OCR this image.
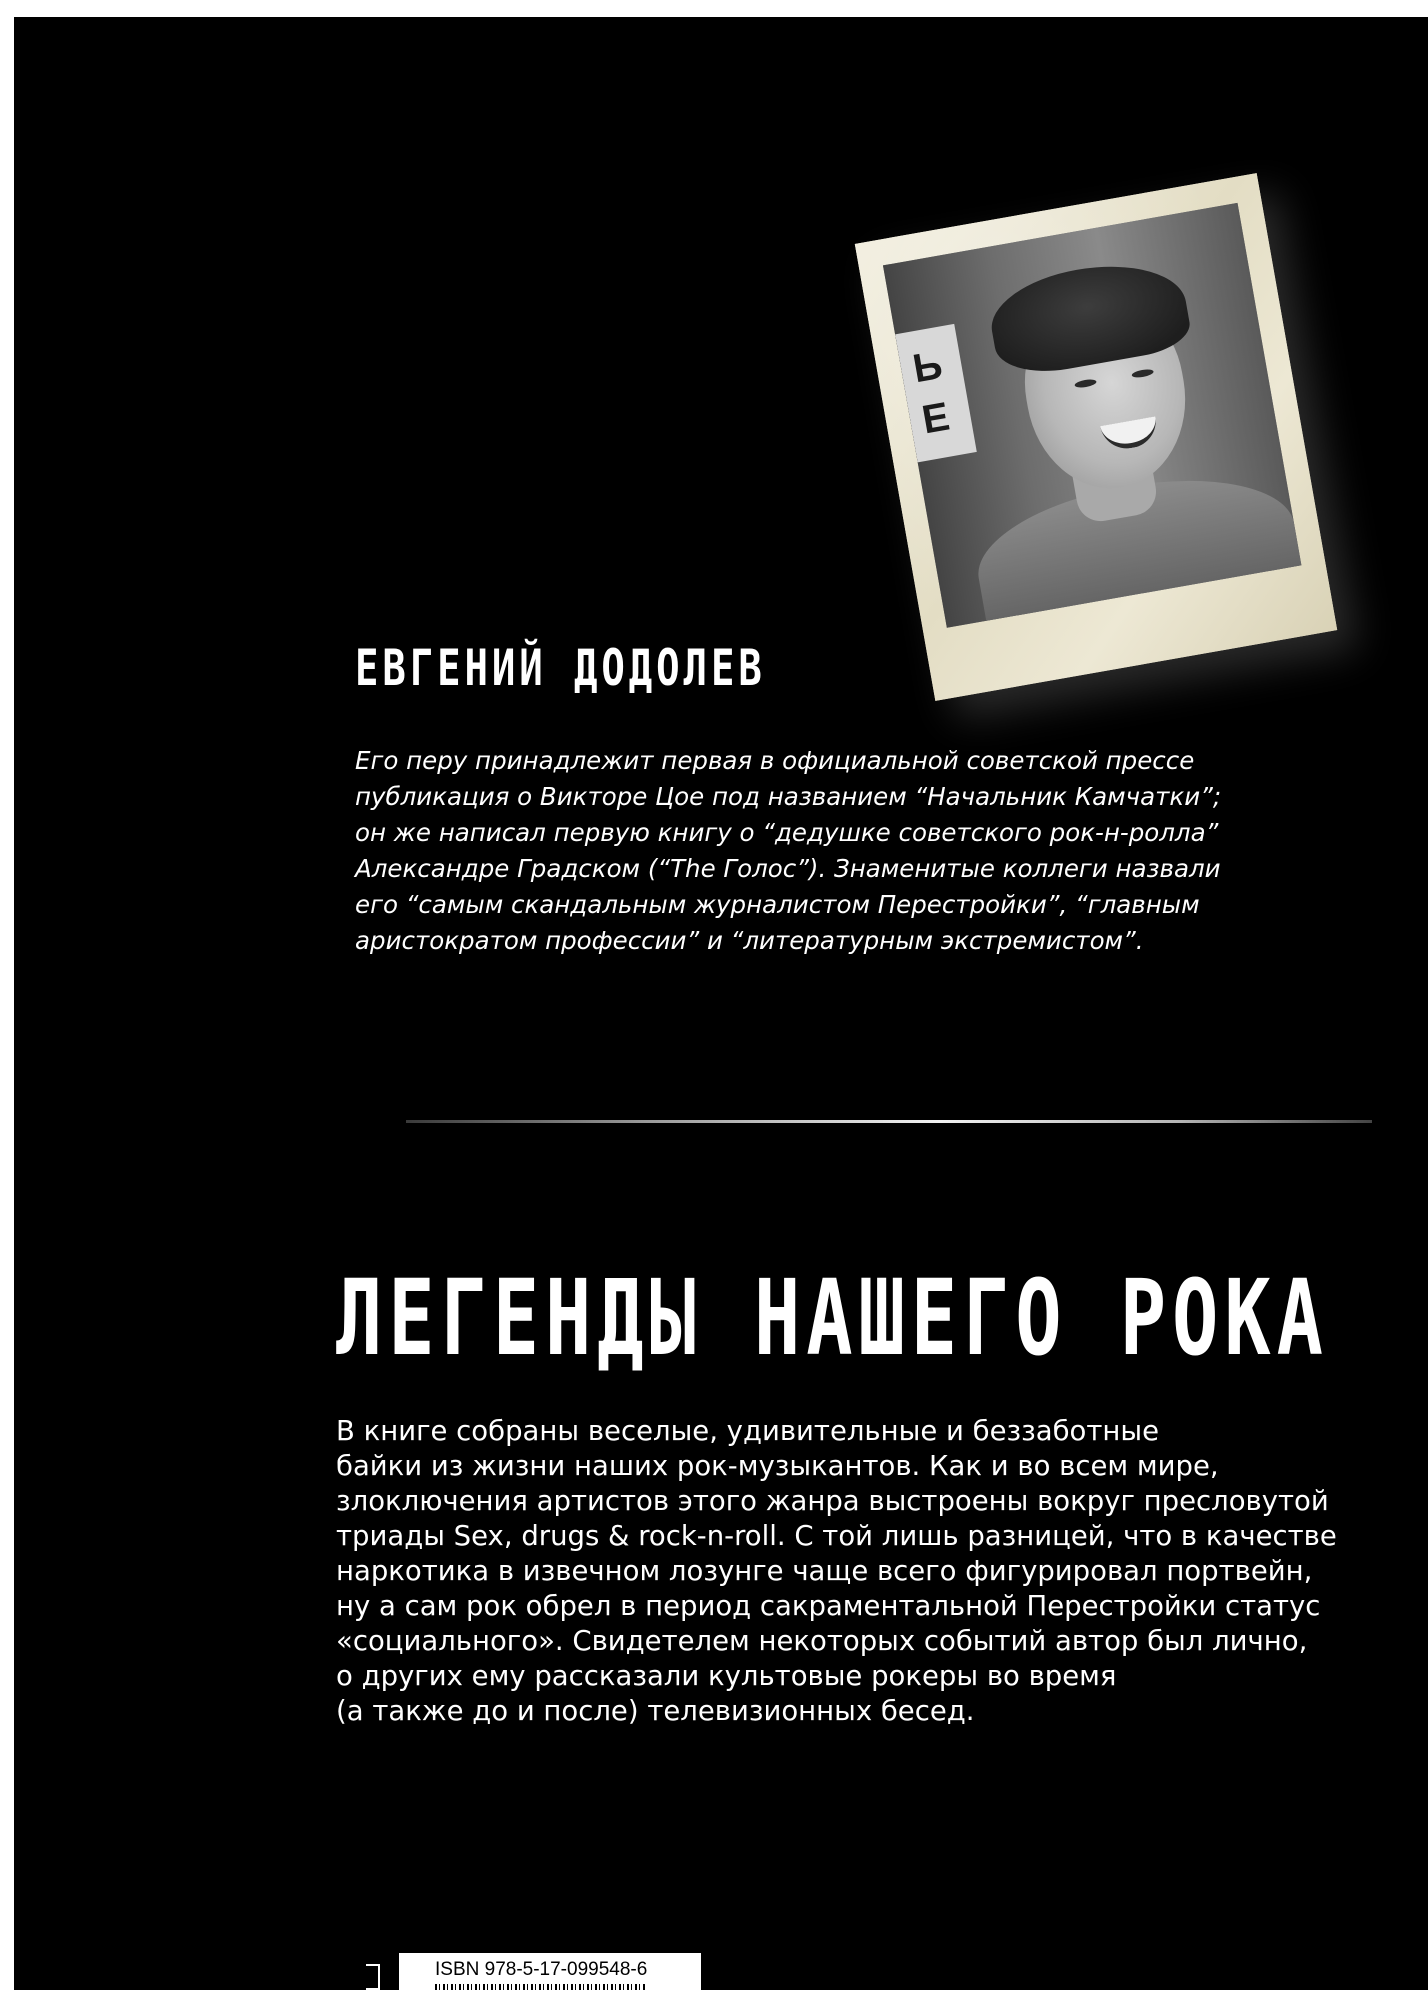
Ь
Е
ЕВГЕНИЙ ДОДОЛЕВ

Его перу принадлежит первая в официальной советской прессе
публикация о Викторе Цое под названием “Начальник Камчатки”;
он же написал первую книгу о “дедушке советского рок-н-ролла”
Александре Градском (“The Голос”). Знаменитые коллеги назвали
его “самым скандальным журналистом Перестройки”, “главным
аристократом профессии” и “литературным экстремистом”.

ЛЕГЕНДЫ НАШЕГО РОКА

В книге собраны веселые, удивительные и беззаботные
байки из жизни наших рок-музыкантов. Как и во всем мире,
злоключения артистов этого жанра выстроены вокруг пресловутой
триады Sex, drugs & rock-n-roll. С той лишь разницей, что в качестве
наркотика в извечном лозунге чаще всего фигурировал портвейн,
ну а сам рок обрел в период сакраментальной Перестройки статус
«социального». Свидетелем некоторых событий автор был лично,
о других ему рассказали культовые рокеры во время
(а также до и после) телевизионных бесед.

ISBN 978-5-17-099548-6
